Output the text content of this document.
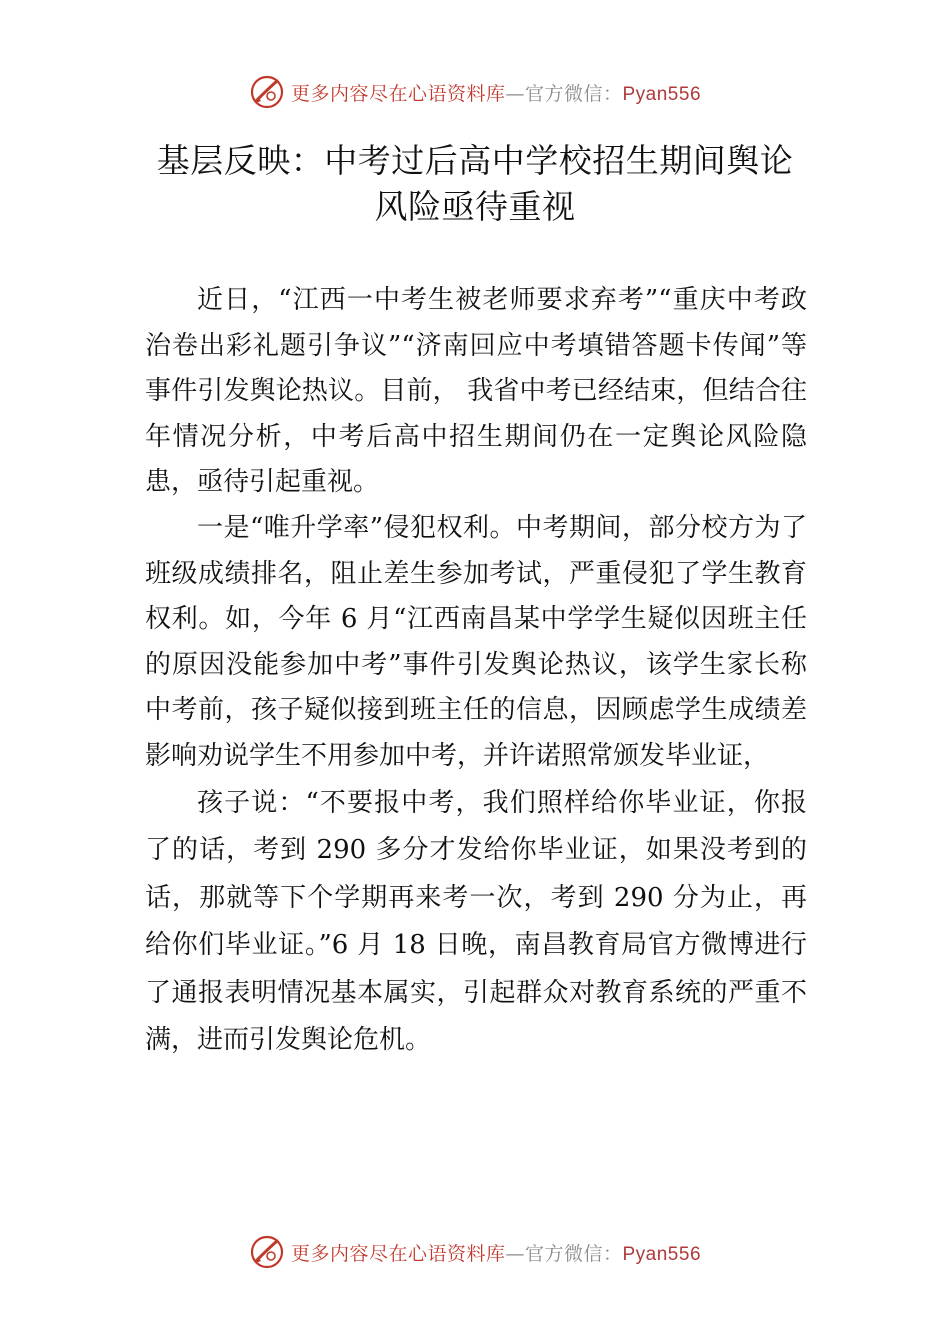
更多内容尽在心语资料库—官方微信：Pyan556
基层反映：中考过后高中学校招生期间舆论风险亟待重视

近日，“江西一中考生被老师要求弃考”“重庆中考政治卷出彩礼题引争议”“济南回应中考填错答题卡传闻”等事件引发舆论热议。目前， 我省中考已经结束，但结合往年情况分析，中考后高中招生期间仍在一定舆论风险隐患，亟待引起重视。

一是“唯升学率”侵犯权利。中考期间，部分校方为了班级成绩排名，阻止差生参加考试，严重侵犯了学生教育权利。如，今年 6 月“江西南昌某中学学生疑似因班主任的原因没能参加中考”事件引发舆论热议，该学生家长称中考前，孩子疑似接到班主任的信息，因顾虑学生成绩差影响劝说学生不用参加中考，并许诺照常颁发毕业证，

孩子说：“不要报中考，我们照样给你毕业证，你报了的话，考到 290 多分才发给你毕业证，如果没考到的话，那就等下个学期再来考一次，考到 290 分为止，再给你们毕业证。”6 月 18 日晚，南昌教育局官方微博进行了通报表明情况基本属实，引起群众对教育系统的严重不满，进而引发舆论危机。

更多内容尽在心语资料库—官方微信：Pyan556
